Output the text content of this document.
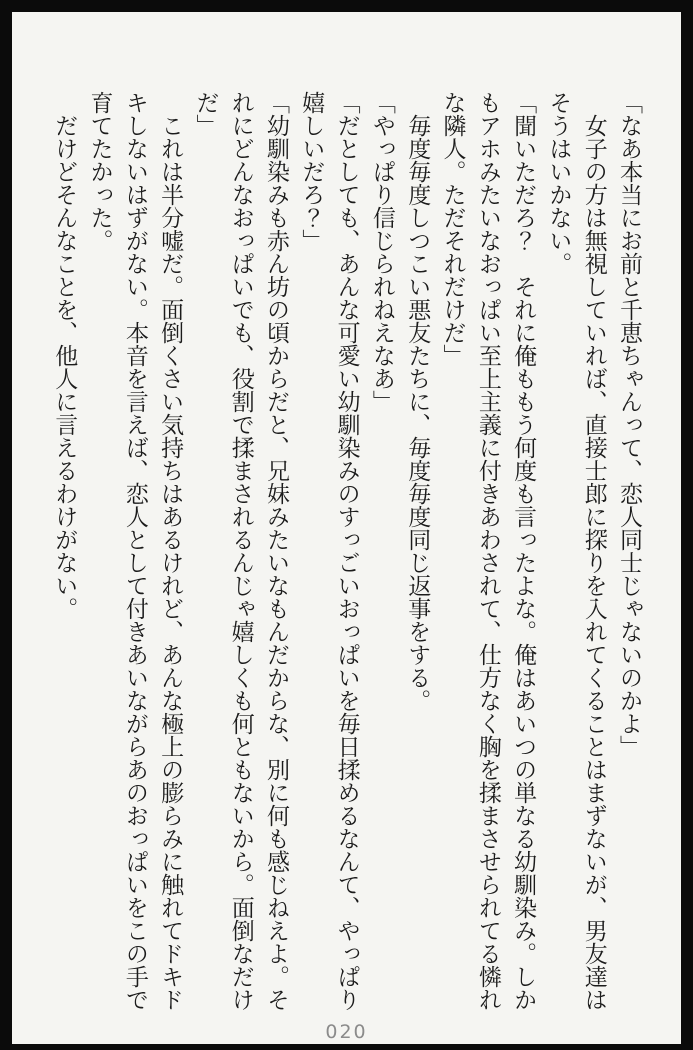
「なあ本当にお前と千恵ちゃんって、恋人同士じゃないのかよ」

女子の方は無視していれば、直接士郎に探りを入れてくることはまずないが、男友達はそうはいかない。

「聞いただろ？　それに俺ももう何度も言ったよな。俺はあいつの単なる幼馴染み。しかもアホみたいなおっぱい至上主義に付きあわされて、仕方なく胸を揉まさせられてる憐れな隣人。ただそれだけだ」

毎度毎度しつこい悪友たちに、毎度毎度同じ返事をする。

「やっぱり信じられねえなあ」

「だとしても、あんな可愛い幼馴染みのすっごいおっぱいを毎日揉めるなんて、やっぱり嬉しいだろ？」

「幼馴染みも赤ん坊の頃からだと、兄妹みたいなもんだからな、別に何も感じねえよ。それにどんなおっぱいでも、役割で揉まされるんじゃ嬉しくも何ともないから。面倒なだけだ」

これは半分嘘だ。面倒くさい気持ちはあるけれど、あんな極上の膨らみに触れてドキドキしないはずがない。本音を言えば、恋人として付きあいながらあのおっぱいをこの手で育てたかった。

だけどそんなことを、他人に言えるわけがない。

020
